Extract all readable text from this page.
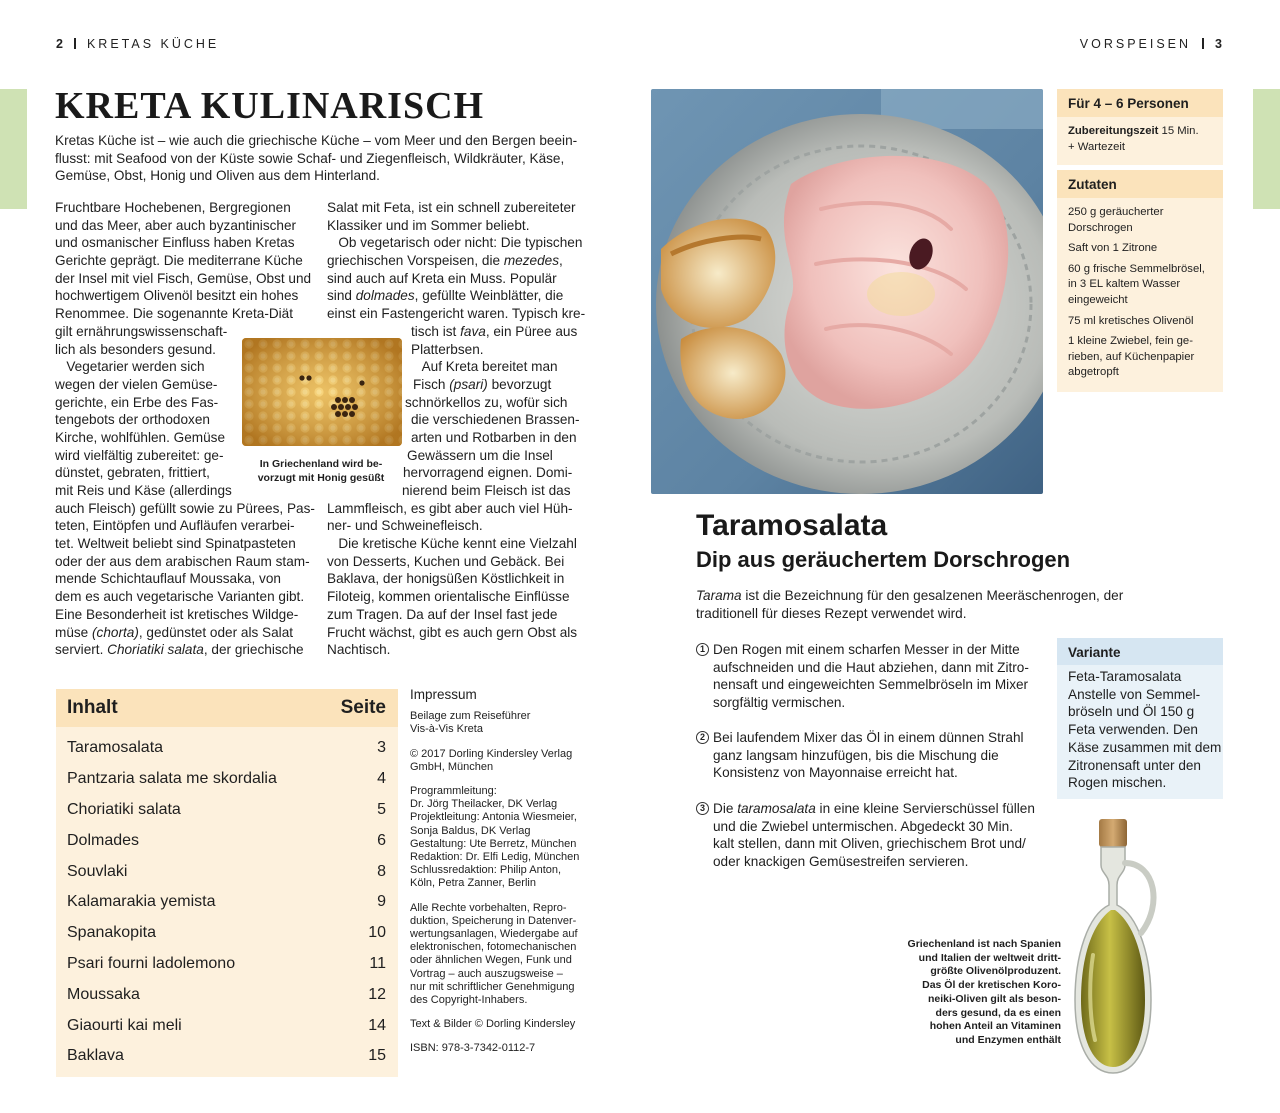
2 KRETAS KÜCHE	VORSPEISEN 3
KRETA KULINARISCH
Kretas Küche ist – wie auch die griechische Küche – vom Meer und den Bergen beein-
flusst: mit Seafood von der Küste sowie Schaf- und Ziegenfleisch, Wildkräuter, Käse,
Gemüse, Obst, Honig und Oliven aus dem Hinterland.
Fruchtbare Hochebenen, Bergregionen
und das Meer, aber auch byzantinischer
und osmanischer Einfluss haben Kretas
Gerichte geprägt. Die mediterrane Küche
der Insel mit viel Fisch, Gemüse, Obst und
hochwertigem Olivenöl besitzt ein hohes
Renommee. Die sogenannte Kreta-Diät
gilt ernährungswissenschaft-
lich als besonders gesund.
Vegetarier werden sich
wegen der vielen Gemüse-
gerichte, ein Erbe des Fas-
tengebots der orthodoxen
Kirche, wohlfühlen. Gemüse
wird vielfältig zubereitet: ge-
dünstet, gebraten, frittiert,
mit Reis und Käse (allerdings
auch Fleisch) gefüllt sowie zu Pürees, Pas-
teten, Eintöpfen und Aufläufen verarbei-
tet. Weltweit beliebt sind Spinatpasteten
oder der aus dem arabischen Raum stam-
mende Schichtauflauf Moussaka, von
dem es auch vegetarische Varianten gibt.
Eine Besonderheit ist kretisches Wildge-
müse (chorta), gedünstet oder als Salat
serviert. Choriatiki salata, der griechische
Salat mit Feta, ist ein schnell zubereiteter
Klassiker und im Sommer beliebt.
Ob vegetarisch oder nicht: Die typischen
griechischen Vorspeisen, die mezedes,
sind auch auf Kreta ein Muss. Populär
sind dolmades, gefüllte Weinblätter, die
einst ein Fastengericht waren. Typisch kre-
tisch ist fava, ein Püree aus
Platterbsen.
Auf Kreta bereitet man
Fisch (psari) bevorzugt
schnörkellos zu, wofür sich
die verschiedenen Brassen-
arten und Rotbarben in den
Gewässern um die Insel
hervorragend eignen. Domi-
nierend beim Fleisch ist das
Lammfleisch, es gibt aber auch viel Hüh-
ner- und Schweinefleisch.
Die kretische Küche kennt eine Vielzahl
von Desserts, Kuchen und Gebäck. Bei
Baklava, der honigsüßen Köstlichkeit in
Filoteig, kommen orientalische Einflüsse
zum Tragen. Da auf der Insel fast jede
Frucht wächst, gibt es auch gern Obst als
Nachtisch.
In Griechenland wird be-
vorzugt mit Honig gesüßt
Inhalt	Seite
Taramosalata	3
Pantzaria salata me skordalia	4
Choriatiki salata	5
Dolmades	6
Souvlaki	8
Kalamarakia yemista	9
Spanakopita	10
Psari fourni ladolemono	11
Moussaka	12
Giaourti kai meli	14
Baklava	15
Impressum
Beilage zum Reiseführer
Vis-à-Vis Kreta
© 2017 Dorling Kindersley Verlag
GmbH, München
Programmleitung:
Dr. Jörg Theilacker, DK Verlag
Projektleitung: Antonia Wiesmeier,
Sonja Baldus, DK Verlag
Gestaltung: Ute Berretz, München
Redaktion: Dr. Elfi Ledig, München
Schlussredaktion: Philip Anton,
Köln, Petra Zanner, Berlin
Alle Rechte vorbehalten, Repro-
duktion, Speicherung in Datenver-
wertungsanlagen, Wiedergabe auf
elektronischen, fotomechanischen
oder ähnlichen Wegen, Funk und
Vortrag – auch auszugsweise –
nur mit schriftlicher Genehmigung
des Copyright-Inhabers.
Text & Bilder © Dorling Kindersley
ISBN: 978-3-7342-0112-7
Für 4 – 6 Personen
Zubereitungszeit 15 Min.
+ Wartezeit
Zutaten
250 g geräucherter
Dorschrogen
Saft von 1 Zitrone
60 g frische Semmelbrösel,
in 3 EL kaltem Wasser
eingeweicht
75 ml kretisches Olivenöl
1 kleine Zwiebel, fein ge-
rieben, auf Küchenpapier
abgetropft
Taramosalata
Dip aus geräuchertem Dorschrogen
Tarama ist die Bezeichnung für den gesalzenen Meeräschenrogen, der
traditionell für dieses Rezept verwendet wird.
1 Den Rogen mit einem scharfen Messer in der Mitte
aufschneiden und die Haut abziehen, dann mit Zitro-
nensaft und eingeweichten Semmelbröseln im Mixer
sorgfältig vermischen.
2 Bei laufendem Mixer das Öl in einem dünnen Strahl
ganz langsam hinzufügen, bis die Mischung die
Konsistenz von Mayonnaise erreicht hat.
3 Die taramosalata in eine kleine Servierschüssel füllen
und die Zwiebel untermischen. Abgedeckt 30 Min.
kalt stellen, dann mit Oliven, griechischem Brot und/
oder knackigen Gemüsestreifen servieren.
Variante
Feta-Taramosalata
Anstelle von Semmel-
bröseln und Öl 150 g
Feta verwenden. Den
Käse zusammen mit dem
Zitronensaft unter den
Rogen mischen.
Griechenland ist nach Spanien
und Italien der weltweit dritt-
größte Olivenölproduzent.
Das Öl der kretischen Koro-
neiki-Oliven gilt als beson-
ders gesund, da es einen
hohen Anteil an Vitaminen
und Enzymen enthält
